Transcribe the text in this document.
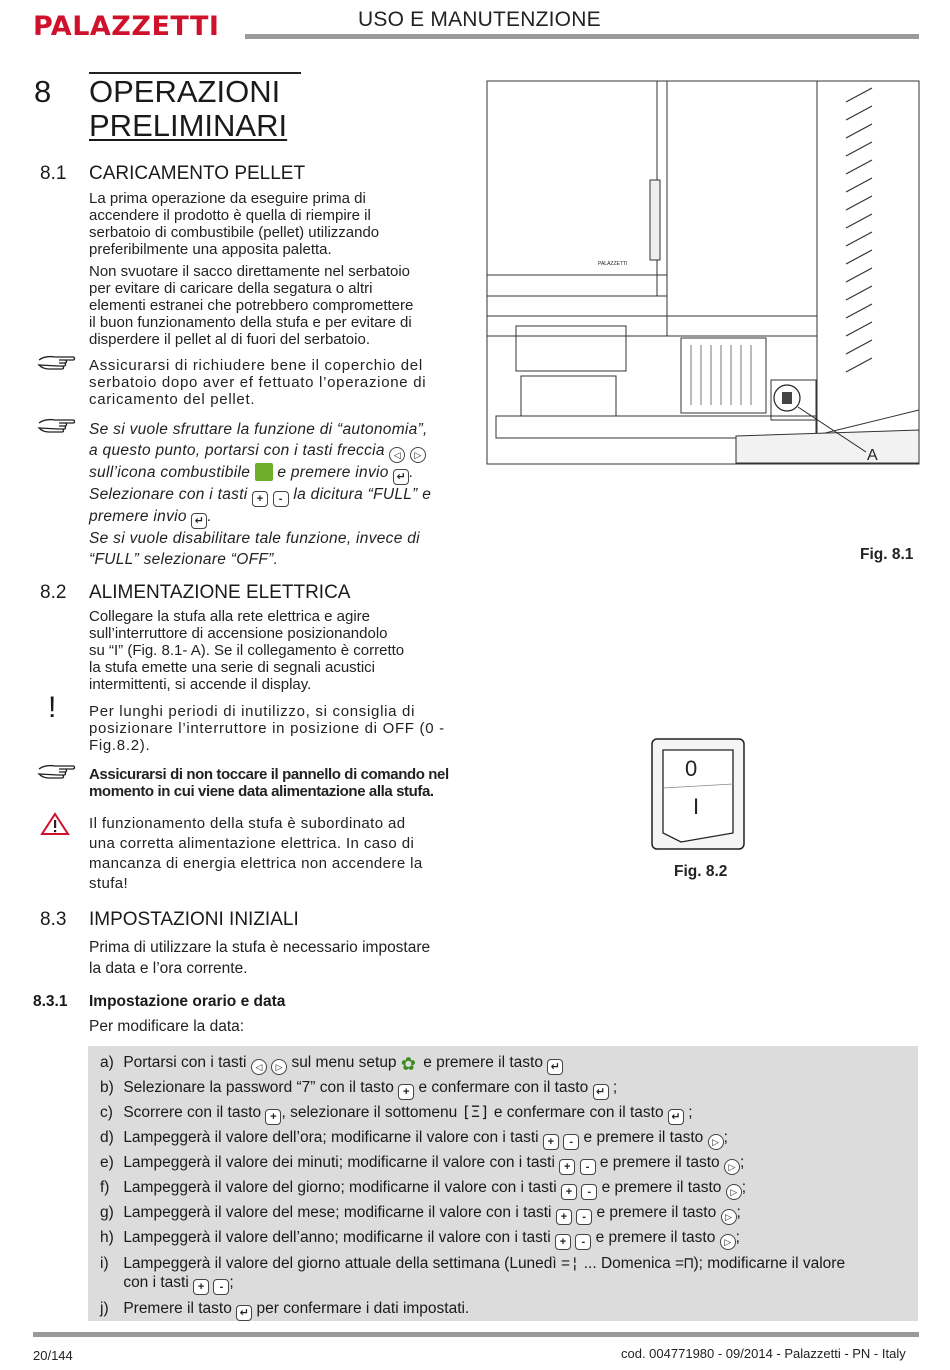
PALAZZETTI	USO E MANUTENZIONE
8 OPERAZIONI
PRELIMINARI
8.1 CARICAMENTO PELLET
La prima operazione da eseguire prima di
accendere il prodotto è quella di riempire il
serbatoio di combustibile (pellet) utilizzando
preferibilmente una apposita paletta.
Non svuotare il sacco direttamente nel serbatoio
per evitare di caricare della segatura o altri
elementi estranei che potrebbero compromettere
il buon funzionamento della stufa e per evitare di
disperdere il pellet al di fuori del serbatoio.
Assicurarsi di richiudere bene il coperchio del
serbatoio dopo aver ef fettuato l’operazione di
caricamento del pellet.
Se si vuole sfruttare la funzione di “autonomia”,
a questo punto, portarsi con i tasti freccia ◁ ▷
sull’icona combustibile e premere invio ↵ .
Selezionare con i tasti + - la dicitura “FULL” e
premere invio ↵ .
Se si vuole disabilitare tale funzione, invece di
“FULL” selezionare “OFF”.
PALAZZETTI
A
Fig. 8.1
8.2 ALIMENTAZIONE ELETTRICA
Collegare la stufa alla rete elettrica e agire
sull’interruttore di accensione posizionandolo
su “I” (Fig. 8.1- A). Se il collegamento è corretto
la stufa emette una serie di segnali acustici
intermittenti, si accende il display.
! Per lunghi periodi di inutilizzo, si consiglia di
posizionare l’interruttore in posizione di OFF (0 -
Fig.8.2).
Assicurarsi di non toccare il pannello di comando nel
momento in cui viene data alimentazione alla stufa.
Il funzionamento della stufa è subordinato ad
una corretta alimentazione elettrica. In caso di
mancanza di energia elettrica non accendere la
stufa!
0
I
Fig. 8.2
8.3 IMPOSTAZIONI INIZIALI
Prima di utilizzare la stufa è necessario impostare
la data e l’ora corrente.
8.3.1 Impostazione orario e data
Per modificare la data:
a) Portarsi con i tasti ◁ ▷ sul menu setup ✿ e premere il tasto ↵
b) Selezionare la password “7” con il tasto + e confermare con il tasto ↵ ;
c) Scorrere con il tasto + , selezionare il sottomenu [Ξ] e confermare con il tasto ↵ ;
d) Lampeggerà il valore dell’ora; modificarne il valore con i tasti + - e premere il tasto ▷ ;
e) Lampeggerà il valore dei minuti; modificarne il valore con i tasti + - e premere il tasto ▷ ;
f) Lampeggerà il valore del giorno; modificarne il valore con i tasti + - e premere il tasto ▷ ;
g) Lampeggerà il valore del mese; modificarne il valore con i tasti + - e premere il tasto ▷ ;
h) Lampeggerà il valore dell’anno; modificarne il valore con i tasti + - e premere il tasto ▷ ;
i) Lampeggerà il valore del giorno attuale della settimana (Lunedì =¦ ... Domenica =⊓); modificarne il valore
con i tasti + - ;
j) Premere il tasto ↵ per confermare i dati impostati.
20/144	cod. 004771980 - 09/2014 - Palazzetti - PN - Italy
